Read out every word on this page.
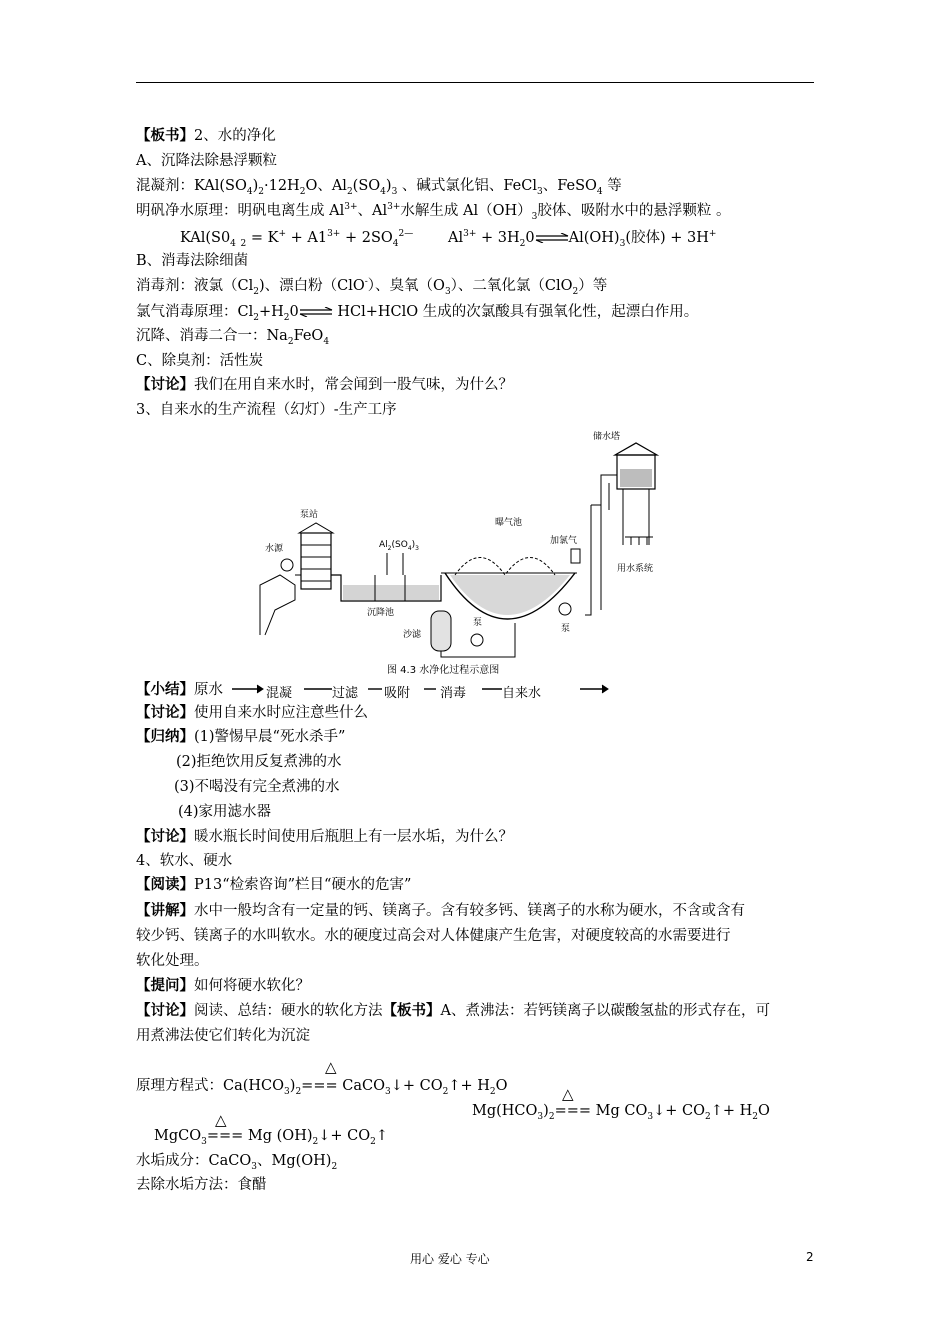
【板书】2、水的净化
A、沉降法除悬浮颗粒
混凝剂：$KAl(SO_4)_2\cdot 12H_2O$、$Al_2(SO_4)_3$ 、碱式氯化铝、FeCl$_3$、FeSO$_4$ 等
明矾净水原理：明矾电离生成 $Al^{3+}$、$Al^{3+}$水解生成 $Al(OH)_3$胶体、吸附水中的悬浮颗粒 。
$KAl(S0_4$ $_2 = K^+ + A1^{3+} + 2SO_4^{2—}$ $Al^{3+}$ + $3H_20\rightleftharpoons Al(OH)_3$(胶体) + 3H+
B、消毒法除细菌
消毒剂：液氯$(Cl_2)$、漂白粉（ClO-）、臭氧$(O_3)$、二氧化氯（ClO$_2$）等
氯气消毒原理：$Cl_2+H_20\rightleftharpoons$ HCl+HClO 生成的次氯酸具有强氧化性，起漂白作用。
沉降、消毒二合一：$Na_2FeO_4$
C、除臭剂：活性炭
【讨论】我们在用自来水时，常会闻到一股气味，为什么？
3、自来水的生产流程（幻灯）-生产工序
储水塔
用水系统
加氯气
曝气池
泵站
水源	$Al_2(SO_4)_3$
沉降池
沙滤
泵
泵
图 4.3 水净化过程示意图
【小结】原水	混凝	过滤 吸附 消毒	自来水
【讨论】使用自来水时应注意些什么
【归纳】(1)警惕早晨“死水杀手”
(2)拒绝饮用反复煮沸的水
(3)不喝没有完全煮沸的水
(4)家用滤水器
【讨论】暖水瓶长时间使用后瓶胆上有一层水垢，为什么？
4、软水、硬水
【阅读】P13“检索咨询”栏目“硬水的危害”
【讲解】水中一般均含有一定量的钙、镁离子。含有较多钙、镁离子的水称为硬水，不含或含有
较少钙、镁离子的水叫软水。水的硬度过高会对人体健康产生危害，对硬度较高的水需要进行
软化处理。
【提问】如何将硬水软化？
【讨论】阅读、总结：硬水的软化方法【板书】A、煮沸法：若钙镁离子以碳酸氢盐的形式存在，可
用煮沸法使它们转化为沉淀
△
原理方程式：$Ca(HCO_3)_2===$ CaCO$_3$↓+ $CO_2↑+ H_2O$	△
$Mg(HCO_3)_2=== Mg$ $CO_3↓+$ $CO_2↑+ H_2O$
△
MgCO$_3$=== Mg $(OH)_2↓+$ $CO_2↑$
水垢成分：CaCO$_3$、$Mg(OH)_2$
去除水垢方法：食醋
用心 爱心 专心	2
